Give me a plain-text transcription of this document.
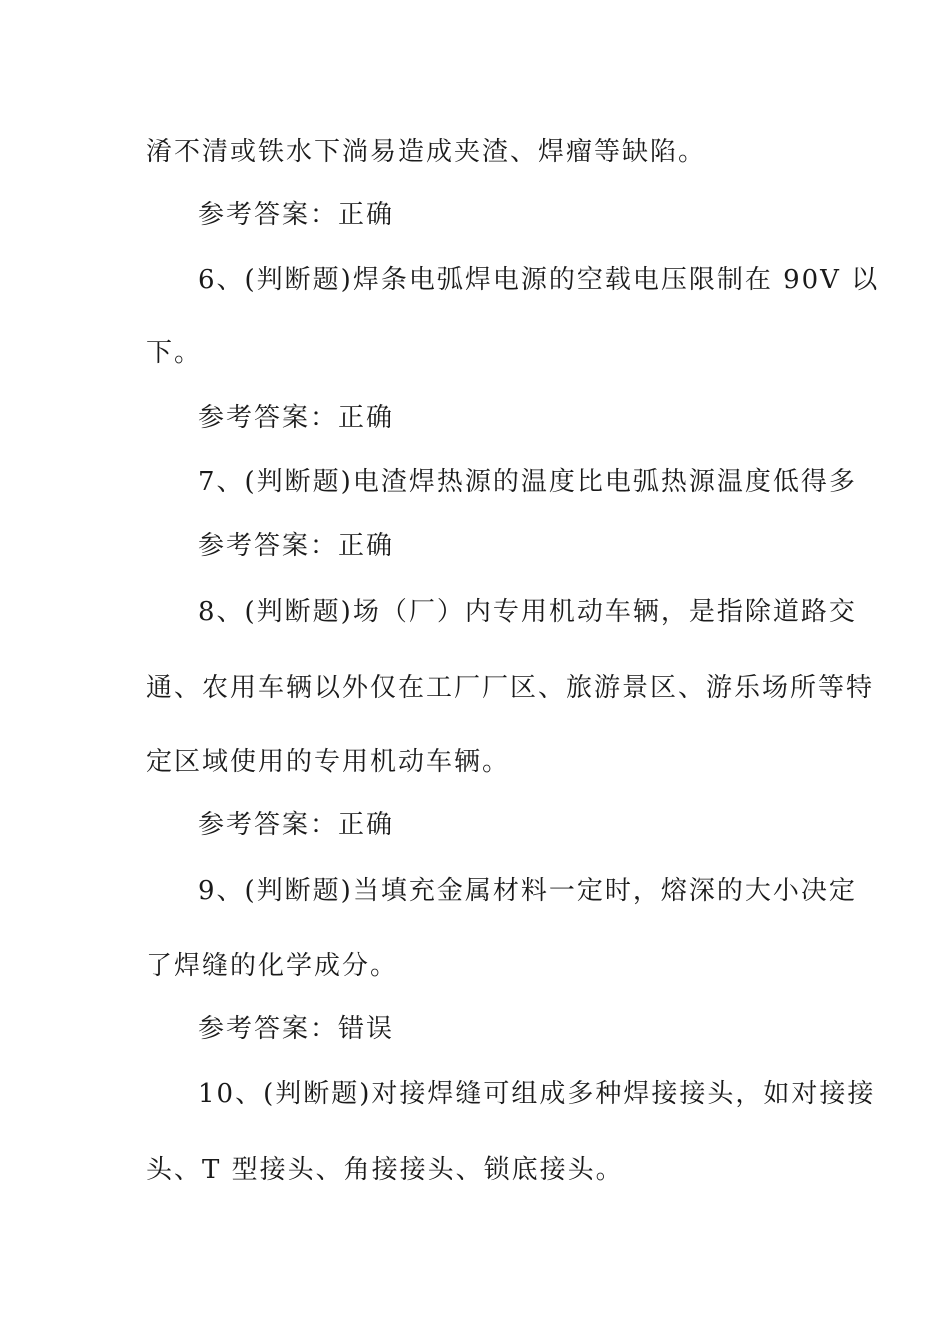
淆不清或铁水下淌易造成夹渣、焊瘤等缺陷。
参考答案：正确
6、(判断题)焊条电弧焊电源的空载电压限制在 90V 以
下。
参考答案：正确
7、(判断题)电渣焊热源的温度比电弧热源温度低得多
参考答案：正确
8、(判断题)场（厂）内专用机动车辆，是指除道路交
通、农用车辆以外仅在工厂厂区、旅游景区、游乐场所等特
定区域使用的专用机动车辆。
参考答案：正确
9、(判断题)当填充金属材料一定时，熔深的大小决定
了焊缝的化学成分。
参考答案：错误
10、(判断题)对接焊缝可组成多种焊接接头，如对接接
头、T 型接头、角接接头、锁底接头。
